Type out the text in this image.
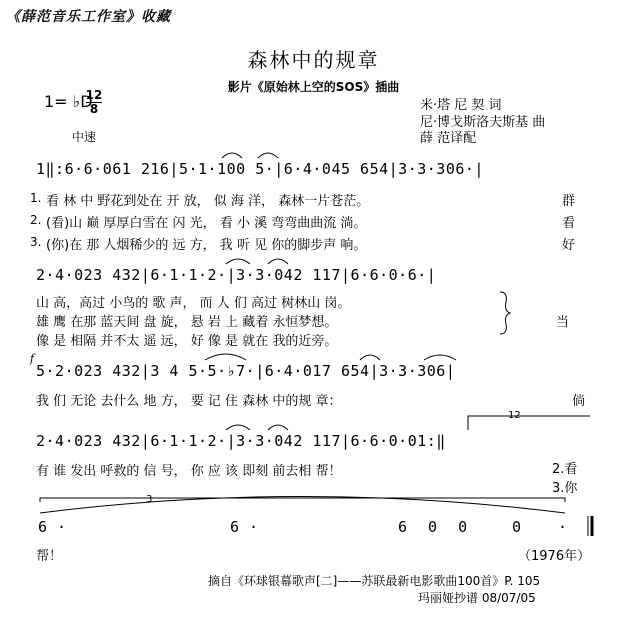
《薛范音乐工作室》收藏
森林中的规章
影片《原始林上空的SOS》插曲
1= ♭D
12
8
中速
米·塔 尼 契 词
尼·博戈斯洛夫斯基 曲
薛 范译配
1‖:6·6·061 216|5·1·100 5·|6·4·045 654|3·3·306·|
1. 看 林 中 野花到处在 开 放， 似 海 洋， 森林一片苍茫。	群
2. (看)山 巅 厚厚白雪在 闪 光， 看 小 溪 弯弯曲曲流 淌。	看
3. (你)在 那 人烟稀少的 远 方， 我 听 见 你的脚步声 响。	好
2·4·023 432|6·1·1·2·|3·3·042 117|6·6·0·6·|
山 高，高过 小鸟的 歌 声， 而 人 们 高过 树林山 岗。
雄 鹰 在那 蓝天间 盘 旋， 悬 岩 上 藏着 永恒梦想。	当
像 是 相隔 并不太 遥 远， 好 像 是 就在 我的近旁。
f
5·2·023 432|3 4 5·5·♭7·|6·4·017 654|3·3·306|
我 们 无论 去什么 地 方， 要 记 住 森林 中的规 章：	倘
12
2·4·023 432|6·1·1·2·|3·3·042 117|6·6·0·01:‖
有 谁 发出 呼救的 信 号， 你 应 该 即刻 前去相 帮！	2.看
3.你
3
6 ·	6 ·	6 0 0	0 ·
帮！	（1976年）
摘自《环球银幕歌声[二]——苏联最新电影歌曲100首》P. 105
玛丽娅抄谱 08/07/05
